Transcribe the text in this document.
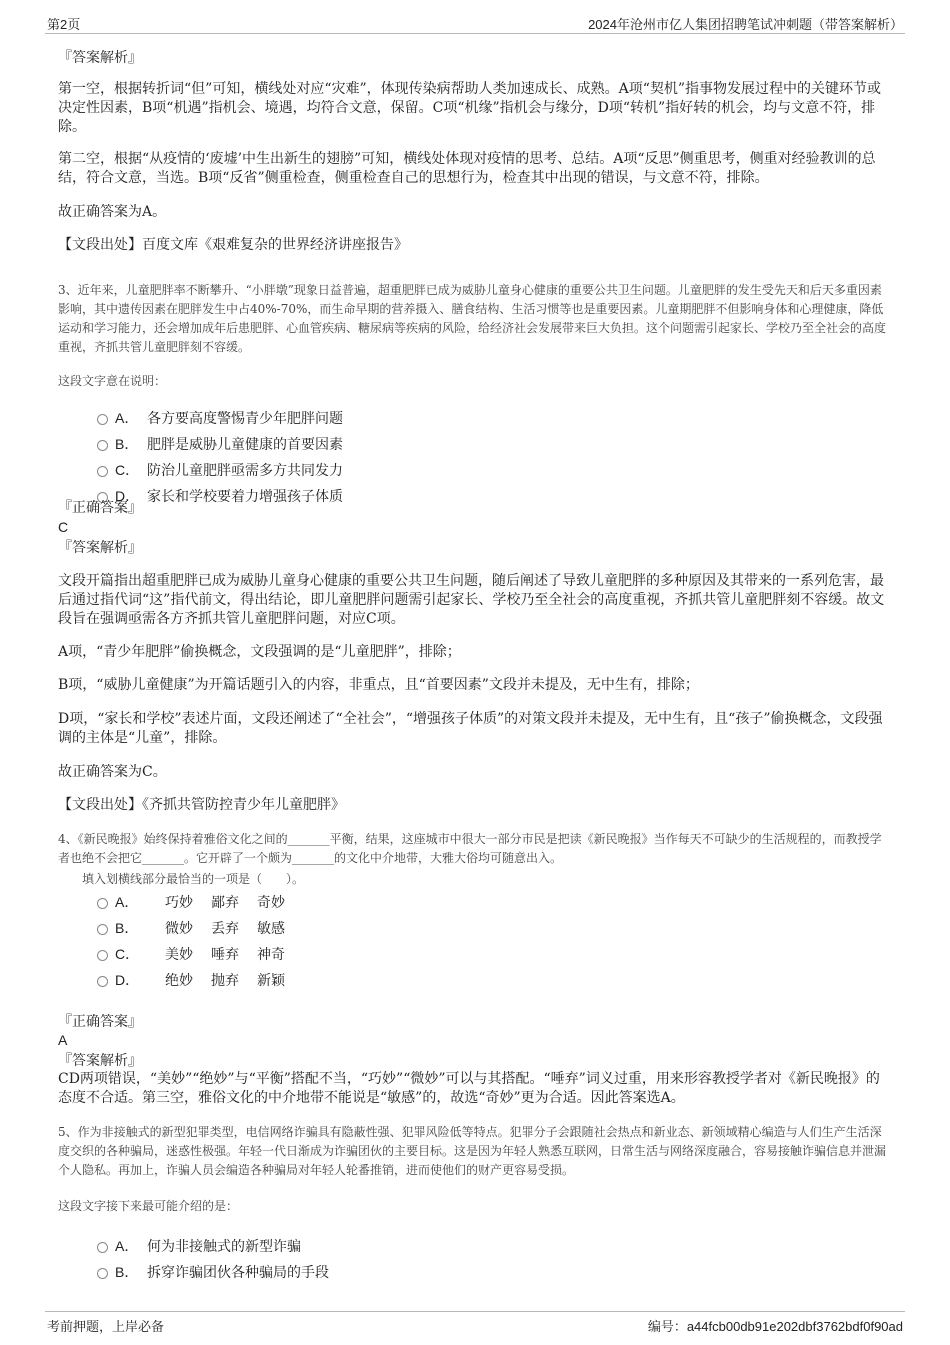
第2页	2024年沧州市亿人集团招聘笔试冲刺题（带答案解析）
『答案解析』
第一空，根据转折词“但”可知，横线处对应“灾难”，体现传染病帮助人类加速成长、成熟。A项“契机”指事物发展过程中的关键环节或决定性因素，B项“机遇”指机会、境遇，均符合文意，保留。C项“机缘”指机会与缘分，D项“转机”指好转的机会，均与文意不符，排除。
第二空，根据“从疫情的‘废墟’中生出新生的翅膀”可知，横线处体现对疫情的思考、总结。A项“反思”侧重思考，侧重对经验教训的总结，符合文意，当选。B项“反省”侧重检查，侧重检查自己的思想行为，检查其中出现的错误，与文意不符，排除。
故正确答案为A。
【文段出处】百度文库《艰难复杂的世界经济讲座报告》
3、近年来，儿童肥胖率不断攀升、“小胖墩”现象日益普遍，超重肥胖已成为威胁儿童身心健康的重要公共卫生问题。儿童肥胖的发生受先天和后天多重因素影响，其中遗传因素在肥胖发生中占40%-70%，而生命早期的营养摄入、膳食结构、生活习惯等也是重要因素。儿童期肥胖不但影响身体和心理健康，降低运动和学习能力，还会增加成年后患肥胖、心血管疾病、糖尿病等疾病的风险，给经济社会发展带来巨大负担。这个问题需引起家长、学校乃至全社会的高度重视，齐抓共管儿童肥胖刻不容缓。
这段文字意在说明：
A． 各方要高度警惕青少年肥胖问题
B． 肥胖是威胁儿童健康的首要因素
C． 防治儿童肥胖亟需多方共同发力
D． 家长和学校要着力增强孩子体质
『正确答案』
C
『答案解析』
文段开篇指出超重肥胖已成为威胁儿童身心健康的重要公共卫生问题，随后阐述了导致儿童肥胖的多种原因及其带来的一系列危害，最后通过指代词“这”指代前文，得出结论，即儿童肥胖问题需引起家长、学校乃至全社会的高度重视，齐抓共管儿童肥胖刻不容缓。故文段旨在强调亟需各方齐抓共管儿童肥胖问题，对应C项。
A项，“青少年肥胖”偷换概念，文段强调的是“儿童肥胖”，排除；
B项，“威胁儿童健康”为开篇话题引入的内容，非重点，且“首要因素”文段并未提及，无中生有，排除；
D项，“家长和学校”表述片面，文段还阐述了“全社会”，“增强孩子体质”的对策文段并未提及，无中生有，且“孩子”偷换概念，文段强调的主体是“儿童”，排除。
故正确答案为C。
【文段出处】《齐抓共管防控青少年儿童肥胖》
4、《新民晚报》始终保持着雅俗文化之间的_______平衡，结果，这座城市中很大一部分市民是把读《新民晚报》当作每天不可缺少的生活规程的，而教授学者也绝不会把它_______。它开辟了一个颇为_______的文化中介地带，大雅大俗均可随意出入。
填入划横线部分最恰当的一项是（　　）。
A． 巧妙 鄙弃 奇妙
B． 微妙 丢弃 敏感
C． 美妙 唾弃 神奇
D． 绝妙 抛弃 新颖
『正确答案』
A
『答案解析』
CD两项错误，“美妙”“绝妙”与“平衡”搭配不当，“巧妙”“微妙”可以与其搭配。“唾弃”词义过重，用来形容教授学者对《新民晚报》的态度不合适。第三空，雅俗文化的中介地带不能说是“敏感”的，故选“奇妙”更为合适。因此答案选A。
5、作为非接触式的新型犯罪类型，电信网络诈骗具有隐蔽性强、犯罪风险低等特点。犯罪分子会跟随社会热点和新业态、新领域精心编造与人们生产生活深度交织的各种骗局，迷惑性极强。年轻一代日渐成为诈骗团伙的主要目标。这是因为年轻人熟悉互联网，日常生活与网络深度融合，容易接触诈骗信息并泄漏个人隐私。再加上，诈骗人员会编造各种骗局对年轻人轮番推销，进而使他们的财产更容易受损。
这段文字接下来最可能介绍的是：
A． 何为非接触式的新型诈骗
B． 拆穿诈骗团伙各种骗局的手段
考前押题，上岸必备	编号：a44fcb00db91e202dbf3762bdf0f90ad
